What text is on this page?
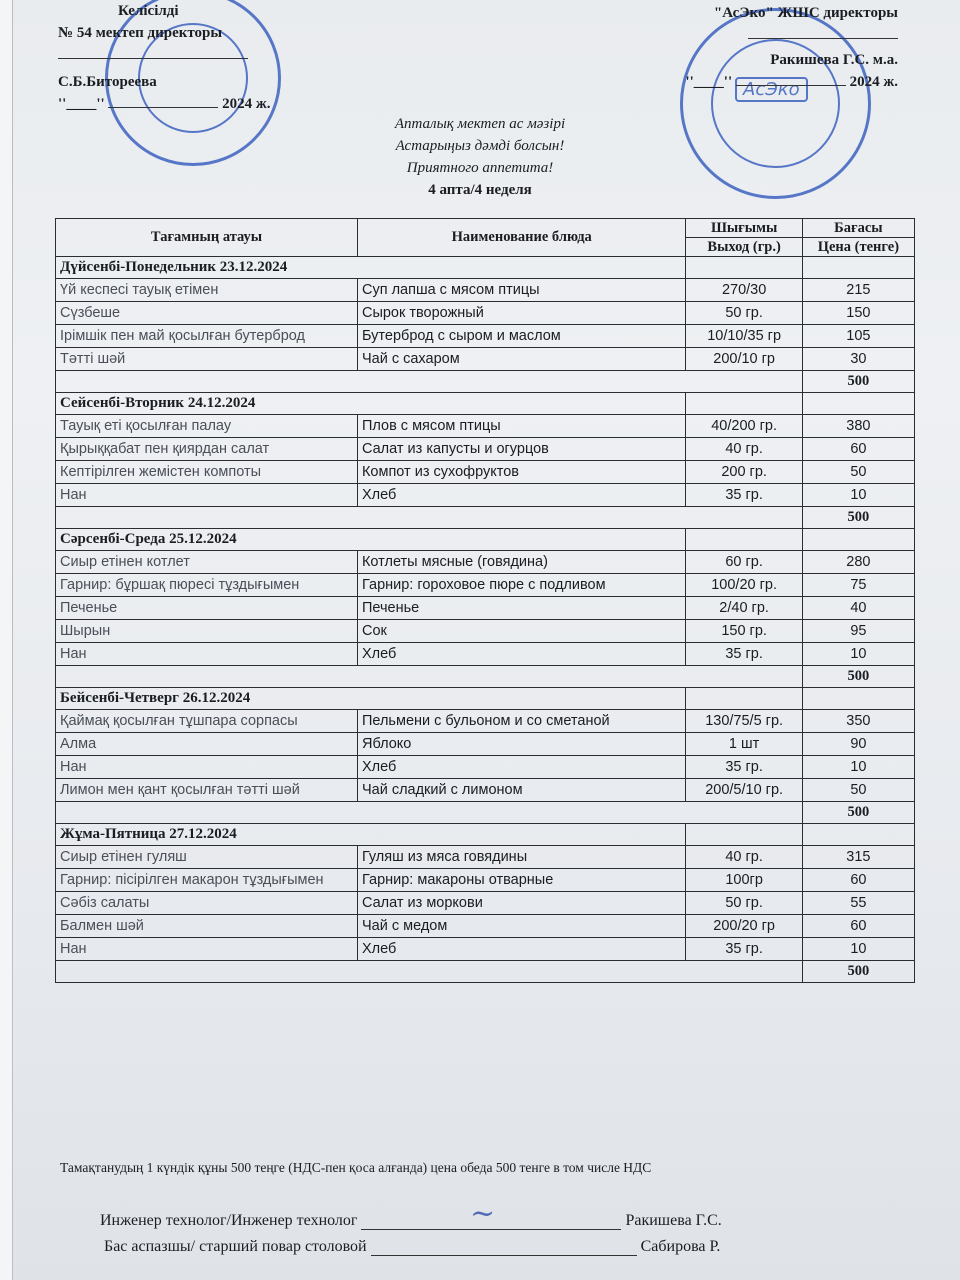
АсЭко
Келісілді
№ 54 мектеп директоры
С.Б.Битореева
''____''	2024 ж.
"АсЭко" ЖШС директоры
Ракишева Г.С. м.а.
''____''	2024 ж.
Апталық мектеп ас мәзірі
Астарыңыз дәмді болсын!
Приятного аппетита!
4 апта/4 неделя
Тағамның атауы	Наименование блюда	Шығымы	Бағасы
		Выход (гр.)	Цена (тенге)
Дүйсенбі-Понедельник 23.12.2024			
Үй кеспесі тауық етімен	Суп лапша с мясом птицы	270/30	215
Сүзбеше	Сырок творожный	50 гр.	150
Ірімшік пен май қосылған бутерброд	Бутерброд с сыром и маслом	10/10/35 гр	105
Тәтті шәй	Чай с сахаром	200/10 гр	30
			500
Сейсенбі-Вторник 24.12.2024			
Тауық еті қосылған палау	Плов с мясом птицы	40/200 гр.	380
Қырыққабат пен қиярдан салат	Салат из капусты и огурцов	40 гр.	60
Кептірілген жемістен компоты	Компот из сухофруктов	200 гр.	50
Нан	Хлеб	35 гр.	10
			500
Сәрсенбі-Среда 25.12.2024			
Сиыр етінен котлет	Котлеты мясные (говядина)	60 гр.	280
Гарнир: бұршақ пюресі тұздығымен	Гарнир: гороховое пюре с подливом	100/20 гр.	75
Печенье	Печенье	2/40 гр.	40
Шырын	Сок	150 гр.	95
Нан	Хлеб	35 гр.	10
			500
Бейсенбі-Четверг 26.12.2024			
Қаймақ қосылған тұшпара сорпасы	Пельмени с бульоном и со сметаной	130/75/5 гр.	350
Алма	Яблоко	1 шт	90
Нан	Хлеб	35 гр.	10
Лимон мен қант қосылған тәтті шәй	Чай сладкий с лимоном	200/5/10 гр.	50
			500
Жұма-Пятница 27.12.2024			
Сиыр етінен гуляш	Гуляш из мяса говядины	40 гр.	315
Гарнир: пісірілген макарон тұздығымен	Гарнир: макароны отварные	100гр	60
Сәбіз салаты	Салат из моркови	50 гр.	55
Балмен шәй	Чай с медом	200/20 гр	60
Нан	Хлеб	35 гр.	10
			500
Тамақтанудың 1 күндік құны 500 теңге (НДС-пен қоса алғанда) цена обеда 500 тенге в том числе НДС
Инженер технолог/Инженер технолог	Ракишева Г.С.
Бас аспазшы/ старший повар столовой	Сабирова Р.
~
